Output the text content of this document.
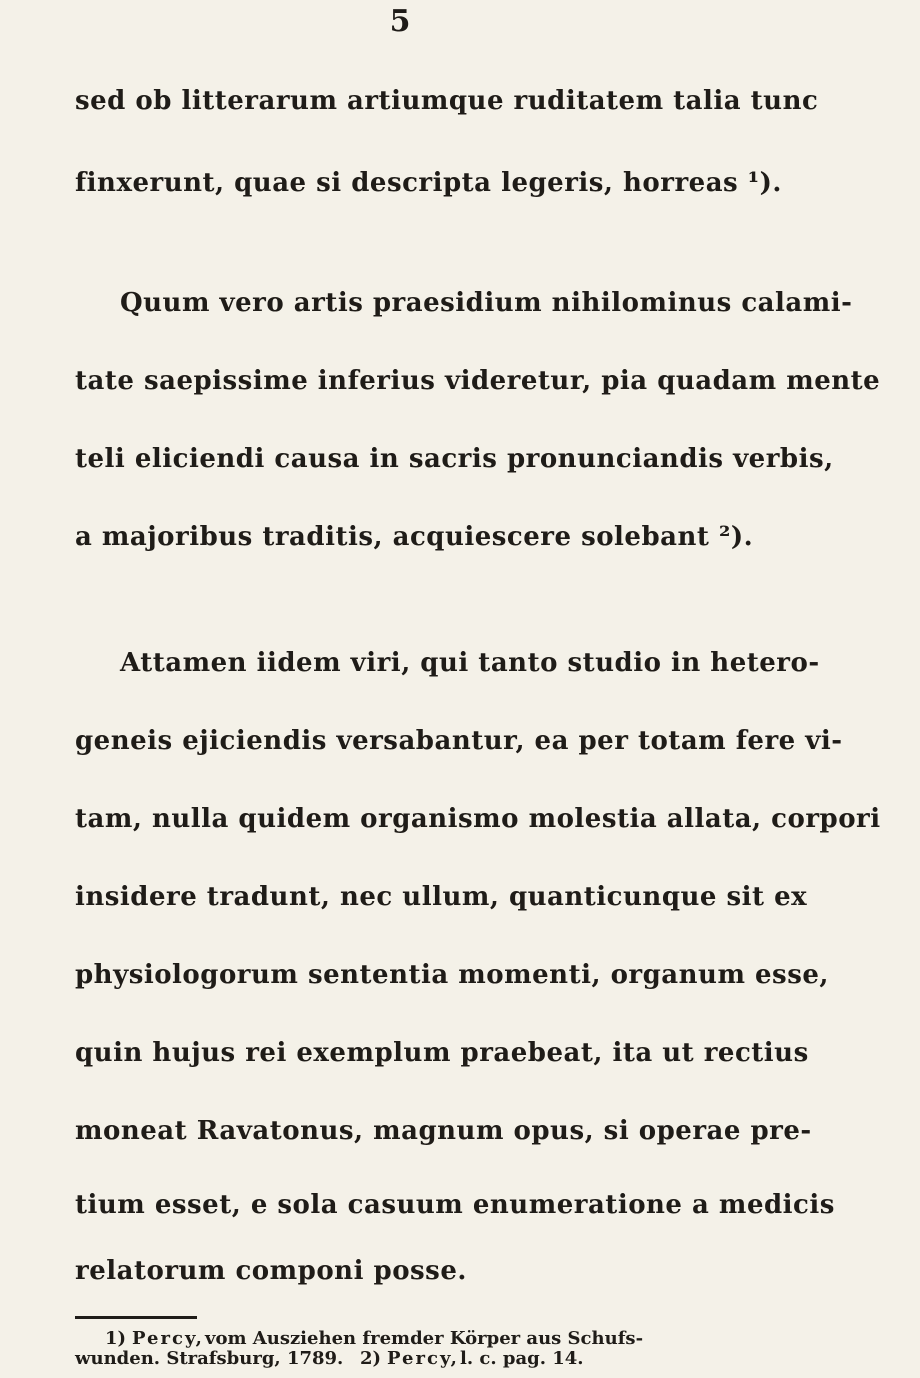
5
sed ob litterarum artiumque ruditatem talia tunc
finxerunt, quae si descripta legeris, horreas ¹).
Quum vero artis praesidium nihilominus calami-
tate saepissime inferius videretur, pia quadam mente
teli eliciendi causa in sacris pronunciandis verbis,
a majoribus traditis, acquiescere solebant ²).
Attamen iidem viri, qui tanto studio in hetero-
geneis ejiciendis versabantur, ea per totam fere vi-
tam, nulla quidem organismo molestia allata, corpori
insidere tradunt, nec ullum, quanticunque sit ex
physiologorum sententia momenti, organum esse,
quin hujus rei exemplum praebeat, ita ut rectius
moneat Ravatonus, magnum opus, si operae pre-
tium esset, e sola casuum enumeratione a medicis
relatorum componi posse.
1) Percy, vom Ausziehen fremder Körper aus Schufs-
wunden. Strafsburg, 1789. 2) Percy, l. c. pag. 14.
